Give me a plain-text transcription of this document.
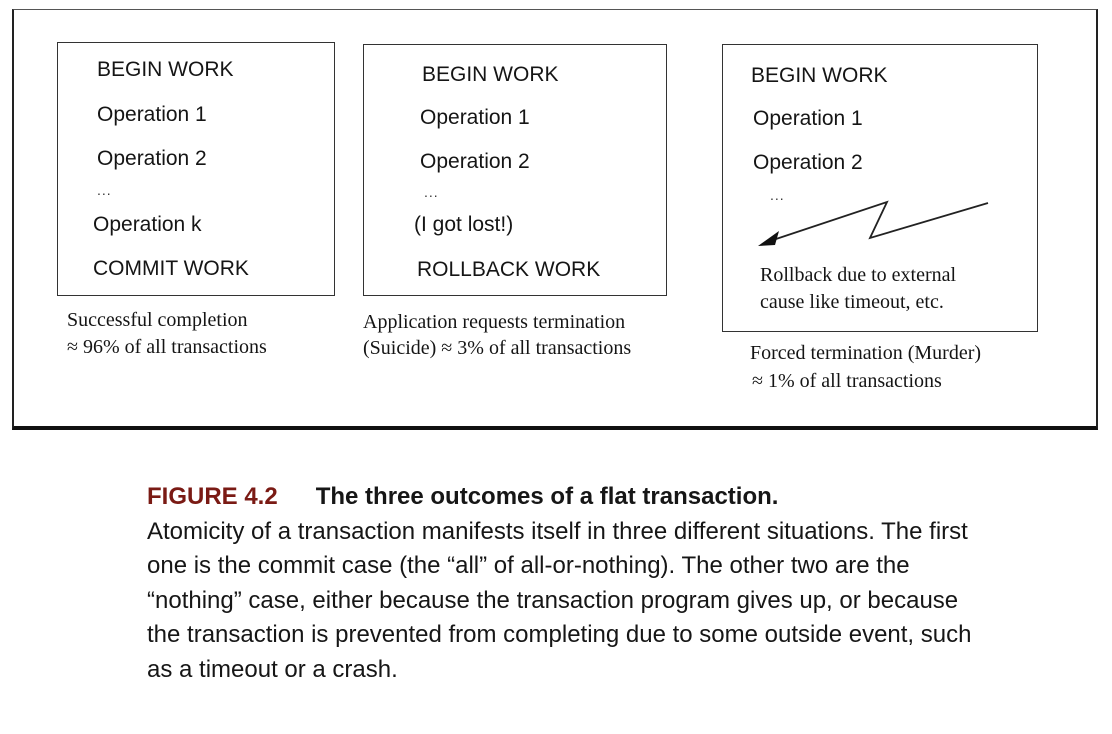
BEGIN WORK
Operation 1
Operation 2
...
Operation k
COMMIT WORK
Successful completion
≈ 96% of all transactions
BEGIN WORK
Operation 1
Operation 2
...
(I got lost!)
ROLLBACK WORK
Application requests termination
(Suicide) ≈ 3% of all transactions
BEGIN WORK
Operation 1
Operation 2
...
Rollback due to external
cause like timeout, etc.
Forced termination (Murder)
≈ 1% of all transactions
FIGURE 4.2 The three outcomes of a flat transaction.
Atomicity of a transaction manifests itself in three different situations. The first one is the commit case (the “all” of all-or-nothing). The other two are the “nothing” case, either because the transaction program gives up, or because the transaction is prevented from completing due to some outside event, such as a timeout or a crash.
